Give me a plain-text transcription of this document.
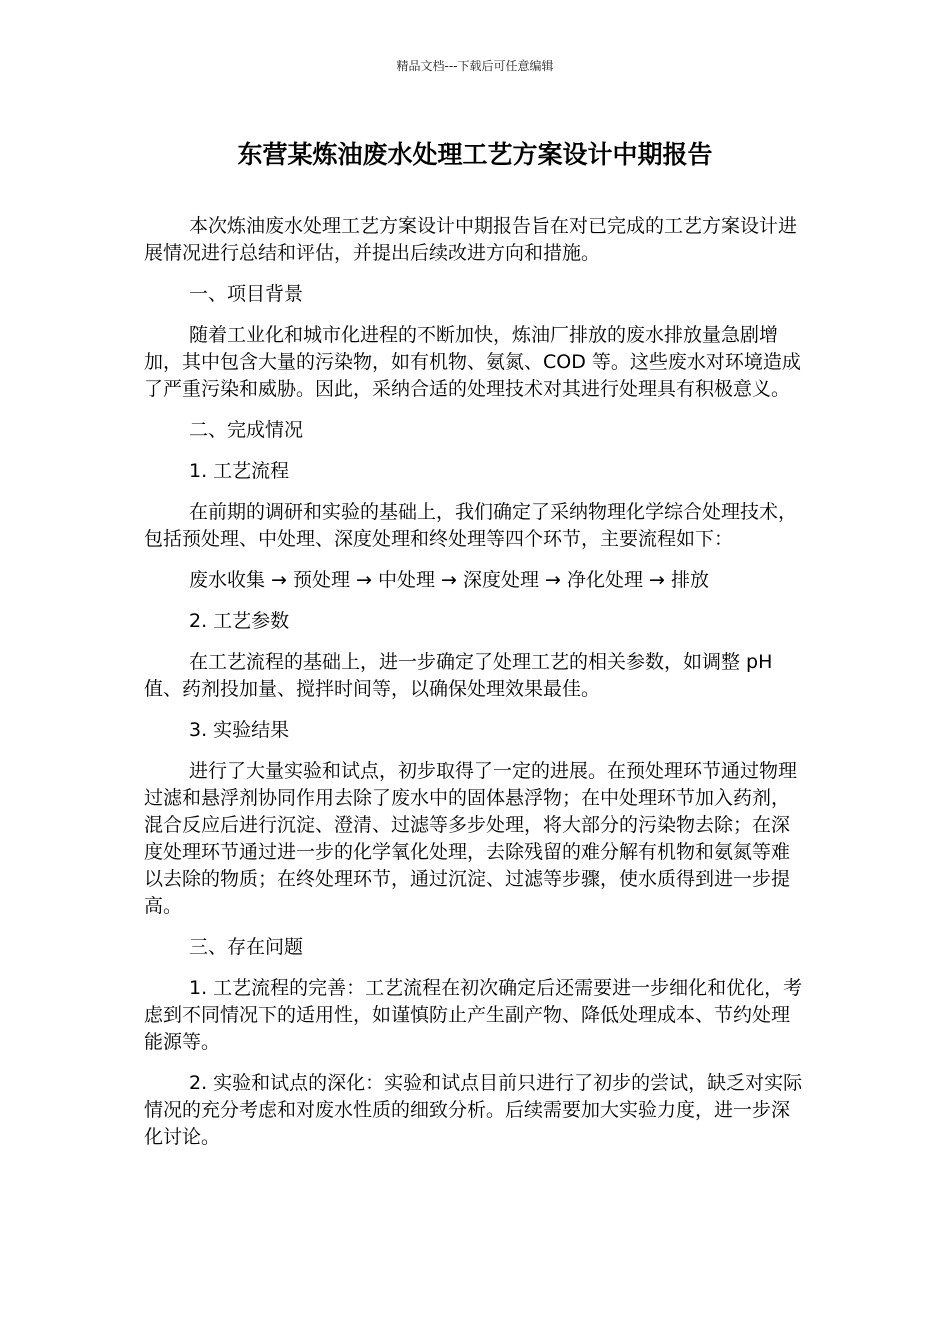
精品文档---下载后可任意编辑
东营某炼油废水处理工艺方案设计中期报告

本次炼油废水处理工艺方案设计中期报告旨在对已完成的工艺方案设计进展情况进行总结和评估，并提出后续改进方向和措施。

一、项目背景

随着工业化和城市化进程的不断加快，炼油厂排放的废水排放量急剧增加，其中包含大量的污染物，如有机物、氨氮、COD 等。这些废水对环境造成了严重污染和威胁。因此，采纳合适的处理技术对其进行处理具有积极意义。

二、完成情况

1. 工艺流程

在前期的调研和实验的基础上，我们确定了采纳物理化学综合处理技术，包括预处理、中处理、深度处理和终处理等四个环节，主要流程如下：

废水收集 → 预处理 → 中处理 → 深度处理 → 净化处理 → 排放

2. 工艺参数

在工艺流程的基础上，进一步确定了处理工艺的相关参数，如调整 pH 值、药剂投加量、搅拌时间等，以确保处理效果最佳。

3. 实验结果

进行了大量实验和试点，初步取得了一定的进展。在预处理环节通过物理过滤和悬浮剂协同作用去除了废水中的固体悬浮物；在中处理环节加入药剂，混合反应后进行沉淀、澄清、过滤等多步处理，将大部分的污染物去除；在深度处理环节通过进一步的化学氧化处理，去除残留的难分解有机物和氨氮等难以去除的物质；在终处理环节，通过沉淀、过滤等步骤，使水质得到进一步提高。

三、存在问题

1. 工艺流程的完善：工艺流程在初次确定后还需要进一步细化和优化，考虑到不同情况下的适用性，如谨慎防止产生副产物、降低处理成本、节约处理能源等。

2. 实验和试点的深化：实验和试点目前只进行了初步的尝试，缺乏对实际情况的充分考虑和对废水性质的细致分析。后续需要加大实验力度，进一步深化讨论。
